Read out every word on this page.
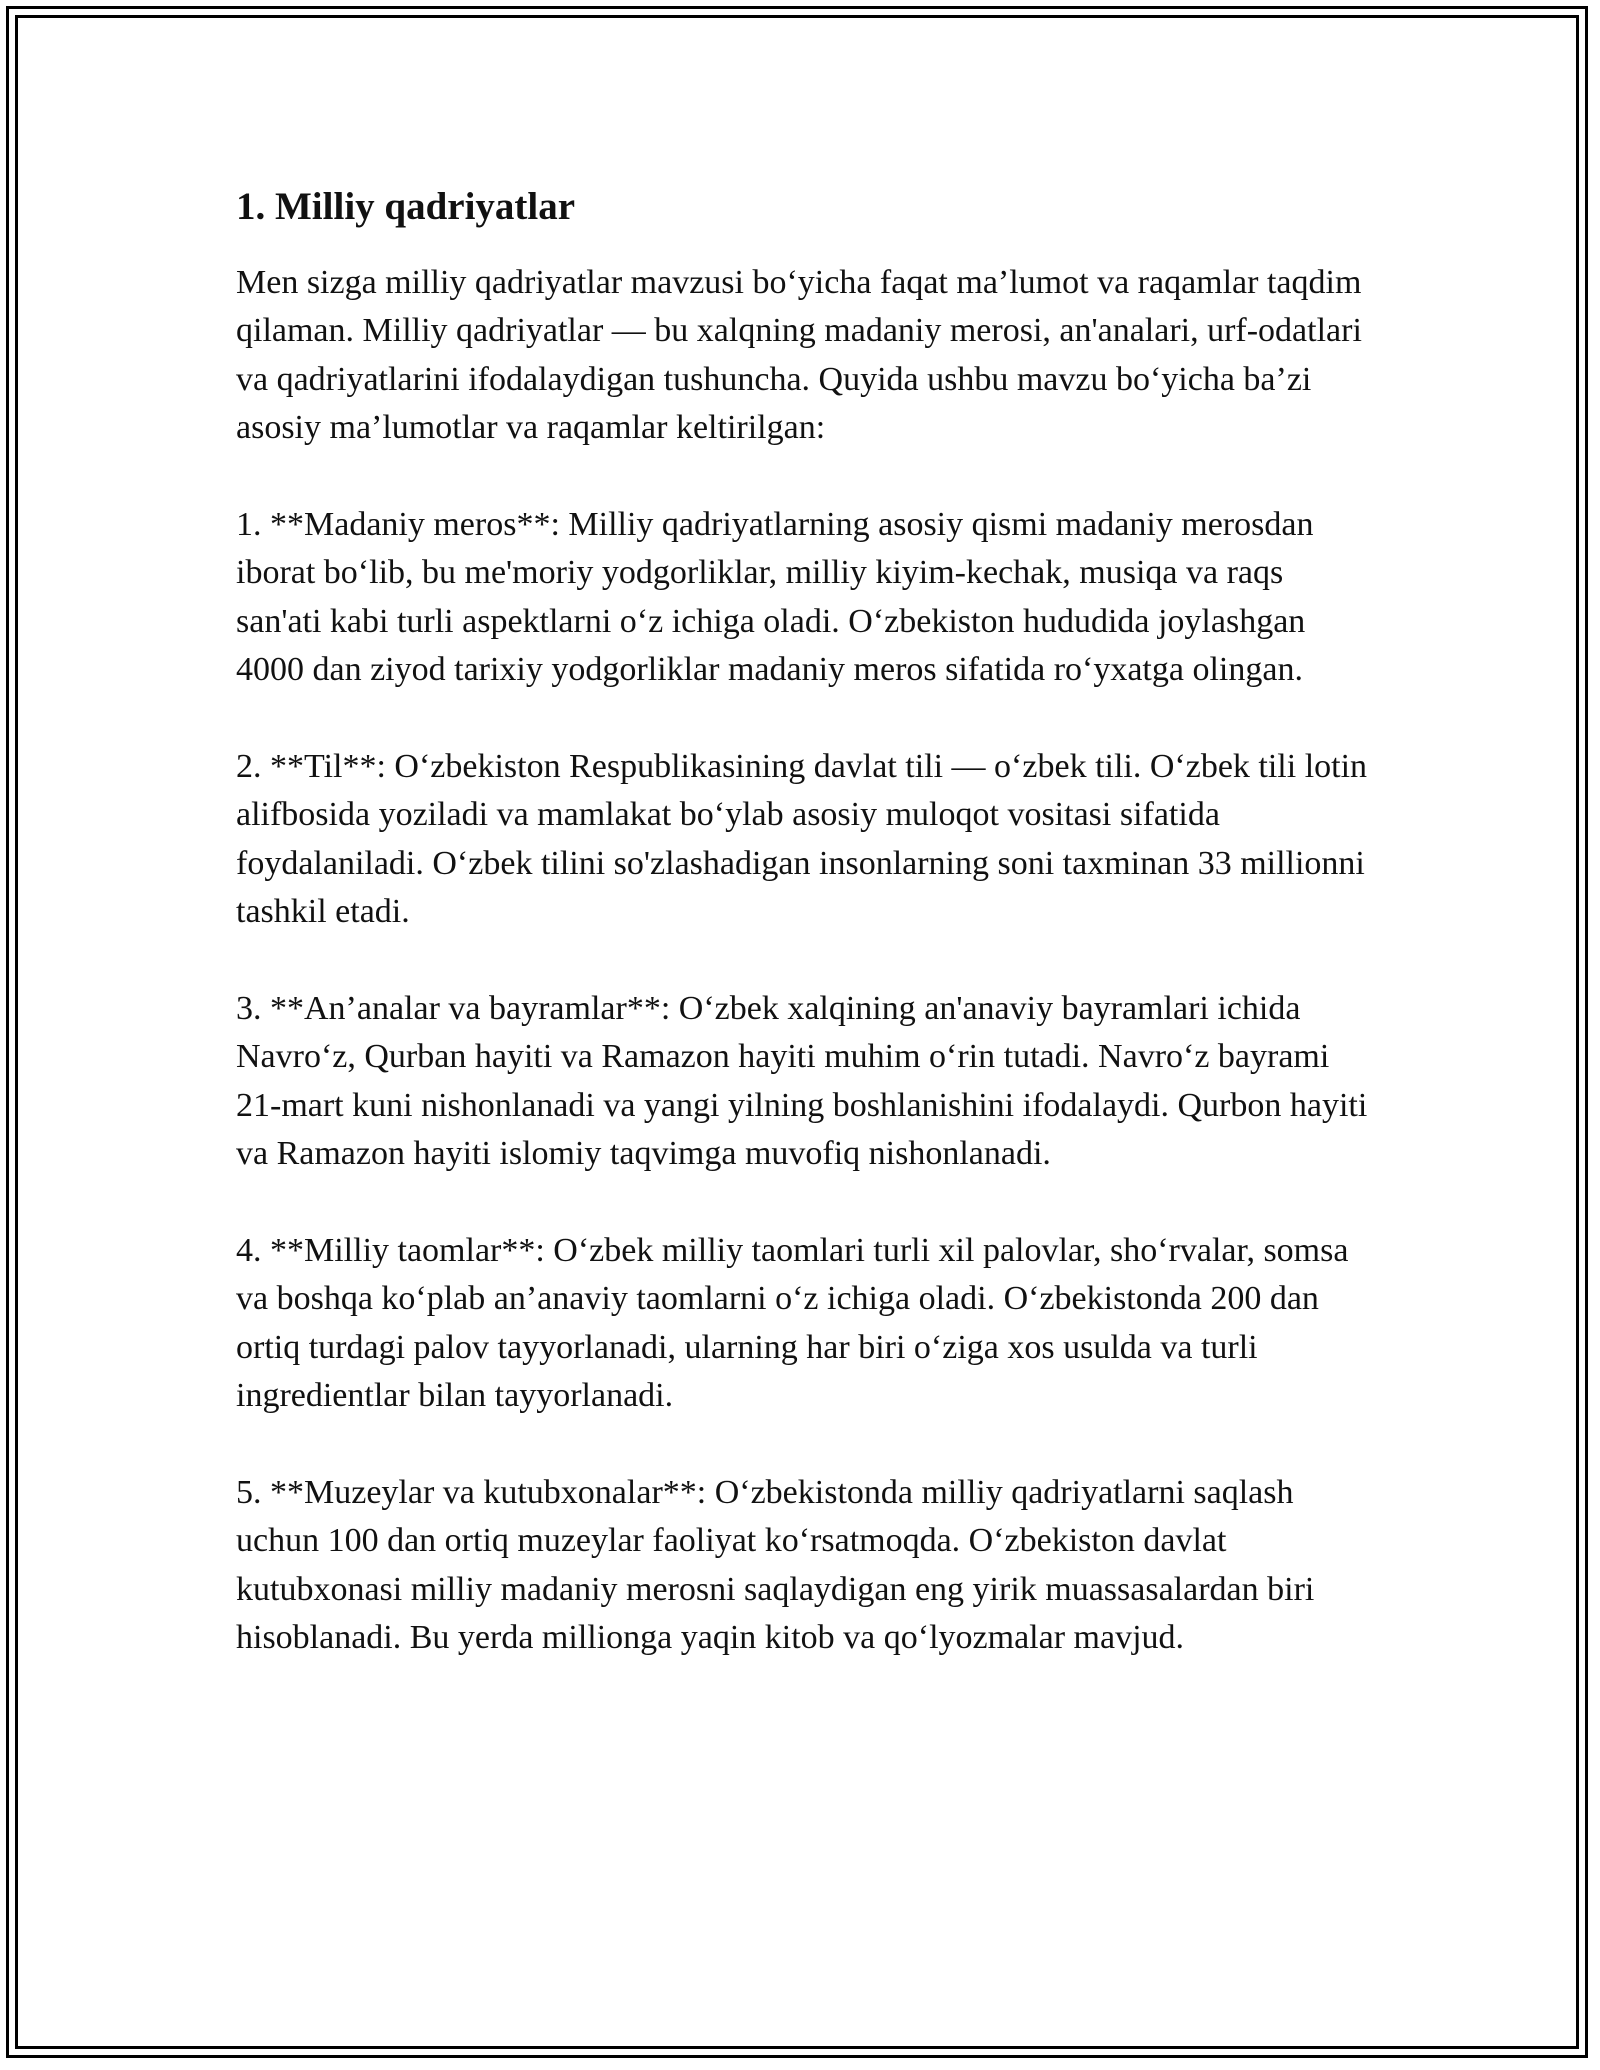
1. Milliy qadriyatlar

Men sizga milliy qadriyatlar mavzusi bo‘yicha faqat ma’lumot va raqamlar taqdim qilaman. Milliy qadriyatlar — bu xalqning madaniy merosi, an'analari, urf-odatlari va qadriyatlarini ifodalaydigan tushuncha. Quyida ushbu mavzu bo‘yicha ba’zi asosiy ma’lumotlar va raqamlar keltirilgan:

1. **Madaniy meros**: Milliy qadriyatlarning asosiy qismi madaniy merosdan iborat bo‘lib, bu me'moriy yodgorliklar, milliy kiyim-kechak, musiqa va raqs san'ati kabi turli aspektlarni o‘z ichiga oladi. O‘zbekiston hududida joylashgan 4000 dan ziyod tarixiy yodgorliklar madaniy meros sifatida ro‘yxatga olingan.

2. **Til**: O‘zbekiston Respublikasining davlat tili — o‘zbek tili. O‘zbek tili lotin alifbosida yoziladi va mamlakat bo‘ylab asosiy muloqot vositasi sifatida foydalaniladi. O‘zbek tilini so'zlashadigan insonlarning soni taxminan 33 millionni tashkil etadi.

3. **An’analar va bayramlar**: O‘zbek xalqining an'anaviy bayramlari ichida Navro‘z, Qurban hayiti va Ramazon hayiti muhim o‘rin tutadi. Navro‘z bayrami 21-mart kuni nishonlanadi va yangi yilning boshlanishini ifodalaydi. Qurbon hayiti va Ramazon hayiti islomiy taqvimga muvofiq nishonlanadi.

4. **Milliy taomlar**: O‘zbek milliy taomlari turli xil palovlar, sho‘rvalar, somsa va boshqa ko‘plab an’anaviy taomlarni o‘z ichiga oladi. O‘zbekistonda 200 dan ortiq turdagi palov tayyorlanadi, ularning har biri o‘ziga xos usulda va turli ingredientlar bilan tayyorlanadi.

5. **Muzeylar va kutubxonalar**: O‘zbekistonda milliy qadriyatlarni saqlash uchun 100 dan ortiq muzeylar faoliyat ko‘rsatmoqda. O‘zbekiston davlat kutubxonasi milliy madaniy merosni saqlaydigan eng yirik muassasalardan biri hisoblanadi. Bu yerda millionga yaqin kitob va qo‘lyozmalar mavjud.
